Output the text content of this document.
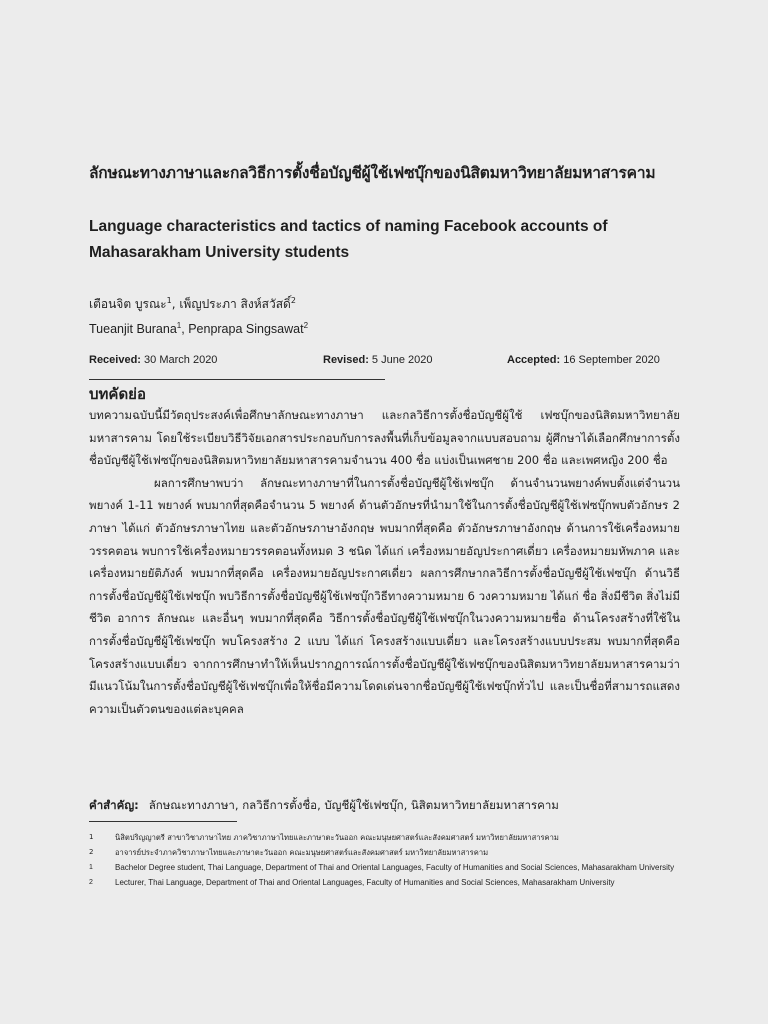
ลักษณะทางภาษาและกลวิธีการตั้งชื่อบัญชีผู้ใช้เฟซบุ๊กของนิสิตมหาวิทยาลัยมหาสารคาม
Language characteristics and tactics of naming Facebook accounts of Mahasarakham University students
เตือนจิต บูรณะ$^1$, เพ็ญประภา สิงห์สวัสดิ์$^2$
Tueanjit Burana$^1$, Penprapa Singsawat$^2$
Received: 30 March 2020	Revised: 5 June 2020	Accepted: 16 September 2020
บทคัดย่อ

บทความฉบับนี้มีวัตถุประสงค์เพื่อศึกษาลักษณะทางภาษา และกลวิธีการตั้งชื่อบัญชีผู้ใช้ เฟซบุ๊กของนิสิตมหาวิทยาลัยมหาสารคาม โดยใช้ระเบียบวิธีวิจัยเอกสารประกอบกับการลงพื้นที่เก็บข้อมูลจากแบบสอบถาม ผู้ศึกษาได้เลือกศึกษาการตั้งชื่อบัญชีผู้ใช้เฟซบุ๊กของนิสิตมหาวิทยาลัยมหาสารคามจำนวน 400 ชื่อ แบ่งเป็นเพศชาย 200 ชื่อ และเพศหญิง 200 ชื่อ

ผลการศึกษาพบว่า ลักษณะทางภาษาที่ในการตั้งชื่อบัญชีผู้ใช้เฟซบุ๊ก ด้านจำนวนพยางค์พบตั้งแต่จำนวนพยางค์ 1-11 พยางค์ พบมากที่สุดคือจำนวน 5 พยางค์ ด้านตัวอักษรที่นำมาใช้ในการตั้งชื่อบัญชีผู้ใช้เฟซบุ๊กพบตัวอักษร 2 ภาษา ได้แก่ ตัวอักษรภาษาไทย และตัวอักษรภาษาอังกฤษ พบมากที่สุดคือ ตัวอักษรภาษาอังกฤษ ด้านการใช้เครื่องหมายวรรคตอน พบการใช้เครื่องหมายวรรคตอนทั้งหมด 3 ชนิด ได้แก่ เครื่องหมายอัญประกาศเดี่ยว เครื่องหมายมหัพภาค และเครื่องหมายยัติภังค์ พบมากที่สุดคือ เครื่องหมายอัญประกาศเดี่ยว ผลการศึกษากลวิธีการตั้งชื่อบัญชีผู้ใช้เฟซบุ๊ก ด้านวิธีการตั้งชื่อบัญชีผู้ใช้เฟซบุ๊ก พบวิธีการตั้งชื่อบัญชีผู้ใช้เฟซบุ๊กวิธีทางความหมาย 6 วงความหมาย ได้แก่ ชื่อ สิ่งมีชีวิต สิ่งไม่มีชีวิต อาการ ลักษณะ และอื่นๆ พบมากที่สุดคือ วิธีการตั้งชื่อบัญชีผู้ใช้เฟซบุ๊กในวงความหมายชื่อ ด้านโครงสร้างที่ใช้ในการตั้งชื่อบัญชีผู้ใช้เฟซบุ๊ก พบโครงสร้าง 2 แบบ ได้แก่ โครงสร้างแบบเดี่ยว และโครงสร้างแบบประสม พบมากที่สุดคือ โครงสร้างแบบเดี่ยว จากการศึกษาทำให้เห็นปรากฏการณ์การตั้งชื่อบัญชีผู้ใช้เฟซบุ๊กของนิสิตมหาวิทยาลัยมหาสารคามว่ามีแนวโน้มในการตั้งชื่อบัญชีผู้ใช้เฟซบุ๊กเพื่อให้ชื่อมีความโดดเด่นจากชื่อบัญชีผู้ใช้เฟซบุ๊กทั่วไป และเป็นชื่อที่สามารถแสดงความเป็นตัวตนของแต่ละบุคคล

คำสำคัญ: ลักษณะทางภาษา, กลวิธีการตั้งชื่อ, บัญชีผู้ใช้เฟซบุ๊ก, นิสิตมหาวิทยาลัยมหาสารคาม
1	นิสิตปริญญาตรี สาขาวิชาภาษาไทย ภาควิชาภาษาไทยและภาษาตะวันออก คณะมนุษยศาสตร์และสังคมศาสตร์ มหาวิทยาลัยมหาสารคาม
2	อาจารย์ประจำภาควิชาภาษาไทยและภาษาตะวันออก คณะมนุษยศาสตร์และสังคมศาสตร์ มหาวิทยาลัยมหาสารคาม
1	Bachelor Degree student, Thai Language, Department of Thai and Oriental Languages, Faculty of Humanities and Social Sciences, Mahasarakham University
2	Lecturer, Thai Language, Department of Thai and Oriental Languages, Faculty of Humanities and Social Sciences, Mahasarakham University
